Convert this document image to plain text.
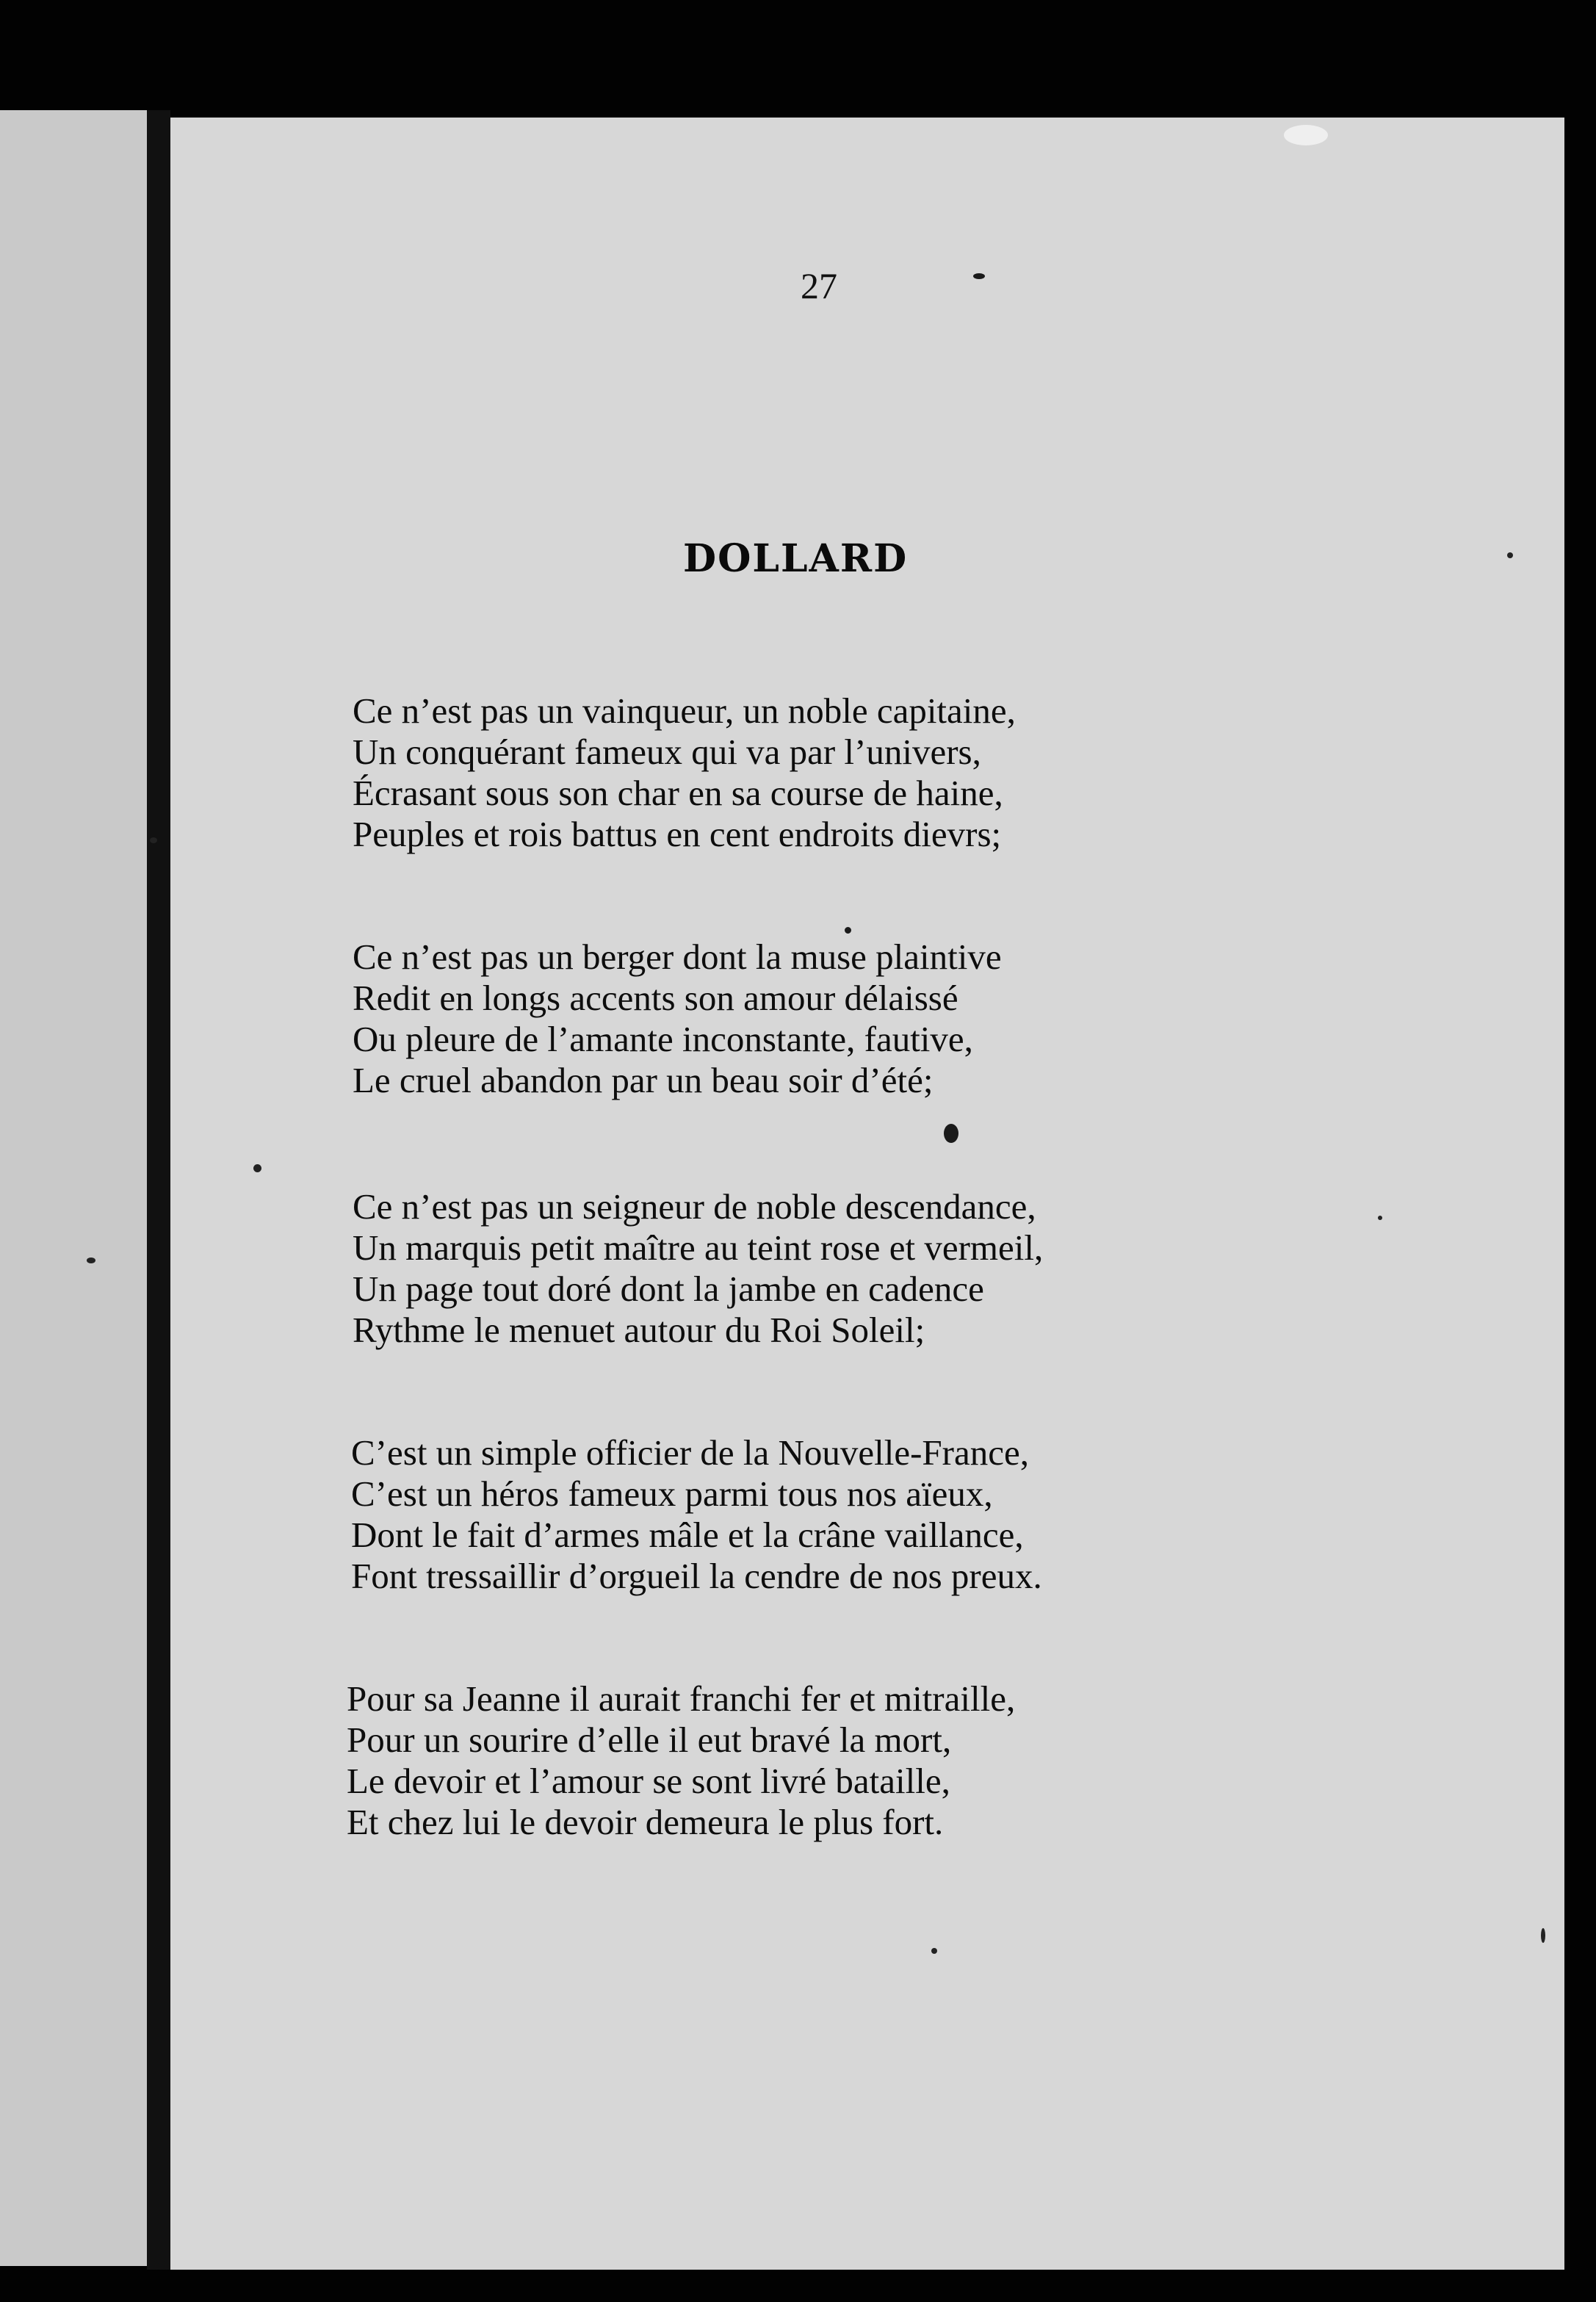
27
DOLLARD
Ce n’est pas un vainqueur, un noble capitaine,
Un conquérant fameux qui va par l’univers,
Écrasant sous son char en sa course de haine,
Peuples et rois battus en cent endroits dievrs;
Ce n’est pas un berger dont la muse plaintive
Redit en longs accents son amour délaissé
Ou pleure de l’amante inconstante, fautive,
Le cruel abandon par un beau soir d’été;
Ce n’est pas un seigneur de noble descendance,
Un marquis petit maître au teint rose et vermeil,
Un page tout doré dont la jambe en cadence
Rythme le menuet autour du Roi Soleil;
C’est un simple officier de la Nouvelle-France,
C’est un héros fameux parmi tous nos aïeux,
Dont le fait d’armes mâle et la crâne vaillance,
Font tressaillir d’orgueil la cendre de nos preux.
Pour sa Jeanne il aurait franchi fer et mitraille,
Pour un sourire d’elle il eut bravé la mort,
Le devoir et l’amour se sont livré bataille,
Et chez lui le devoir demeura le plus fort.
